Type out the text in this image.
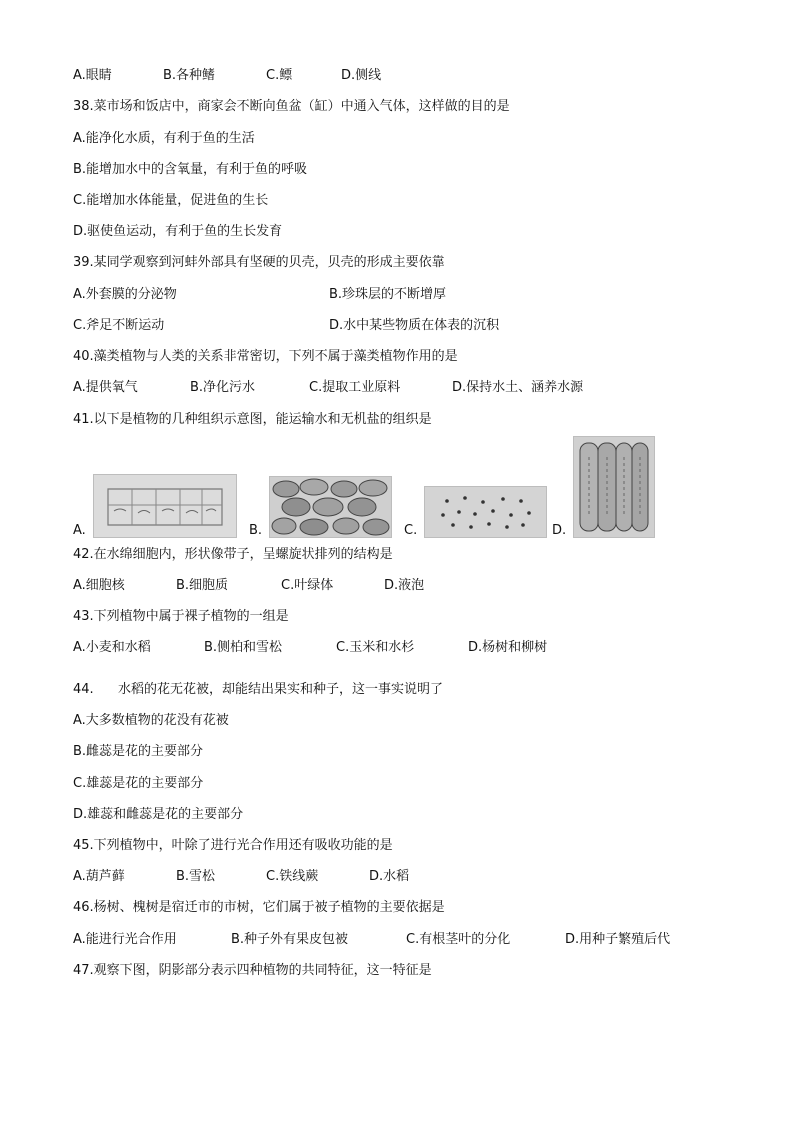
A.眼睛	B.各种鳍	C.鳔	D.侧线
38.菜市场和饭店中，商家会不断向鱼盆（缸）中通入气体，这样做的目的是
A.能净化水质，有利于鱼的生活
B.能增加水中的含氧量，有利于鱼的呼吸
C.能增加水体能量，促进鱼的生长
D.驱使鱼运动，有利于鱼的生长发育
39.某同学观察到河蚌外部具有坚硬的贝壳，贝壳的形成主要依靠
A.外套膜的分泌物	B.珍珠层的不断增厚
C.斧足不断运动	D.水中某些物质在体表的沉积
40.藻类植物与人类的关系非常密切，下列不属于藻类植物作用的是
A.提供氧气	B.净化污水	C.提取工业原料	D.保持水土、涵养水源
41.以下是植物的几种组织示意图，能运输水和无机盐的组织是
A.	B.	C.	D.
42.在水绵细胞内，形状像带子，呈螺旋状排列的结构是
A.细胞核	B.细胞质	C.叶绿体	D.液泡
43.下列植物中属于裸子植物的一组是
A.小麦和水稻	B.侧柏和雪松	C.玉米和水杉	D.杨树和柳树
44. 水稻的花无花被，却能结出果实和种子，这一事实说明了
A.大多数植物的花没有花被
B.雌蕊是花的主要部分
C.雄蕊是花的主要部分
D.雄蕊和雌蕊是花的主要部分
45.下列植物中，叶除了进行光合作用还有吸收功能的是
A.葫芦藓	B.雪松	C.铁线蕨	D.水稻
46.杨树、槐树是宿迁市的市树，它们属于被子植物的主要依据是
A.能进行光合作用	B.种子外有果皮包被	C.有根茎叶的分化	D.用种子繁殖后代
47.观察下图，阴影部分表示四种植物的共同特征，这一特征是
